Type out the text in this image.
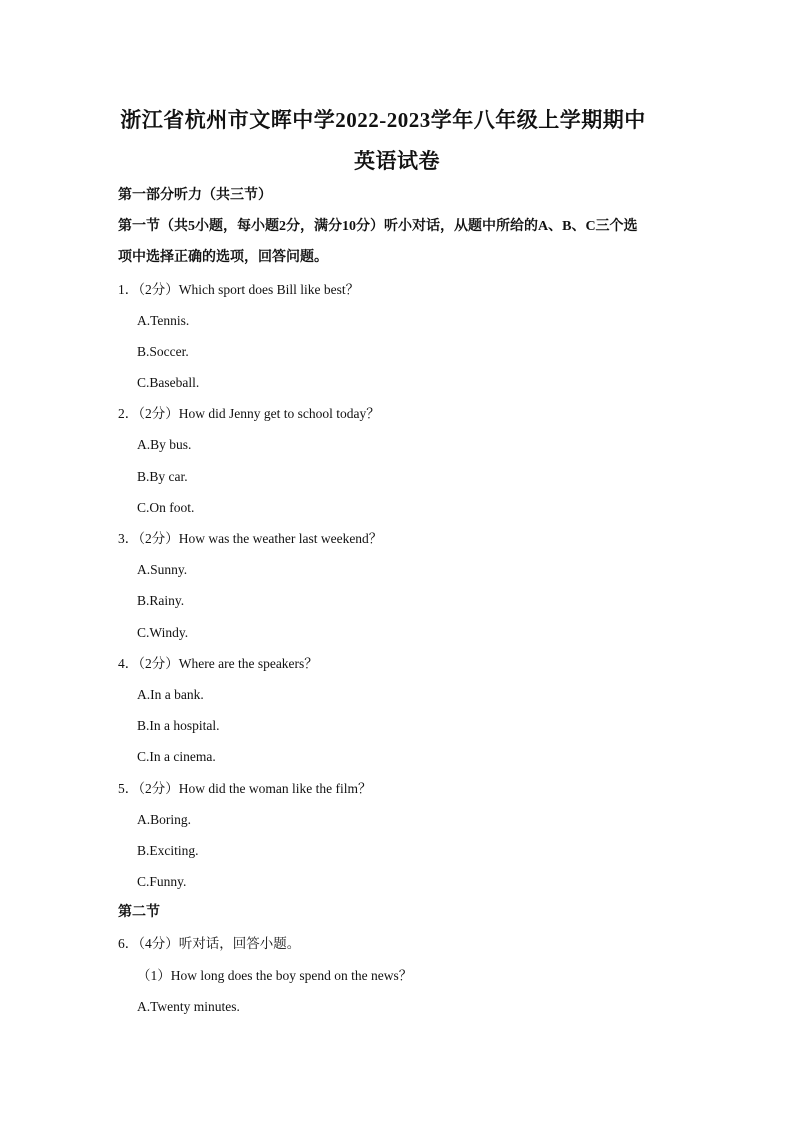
浙江省杭州市文晖中学2022-2023学年八年级上学期期中
英语试卷
第一部分听力（共三节）
第一节（共5小题，每小题2分，满分10分）听小对话，从题中所给的A、B、C三个选
项中选择正确的选项，回答问题。
1．（2分）Which sport does Bill like best？
A.Tennis.
B.Soccer.
C.Baseball.
2．（2分）How did Jenny get to school today？
A.By bus.
B.By car.
C.On foot.
3．（2分）How was the weather last weekend？
A.Sunny.
B.Rainy.
C.Windy.
4．（2分）Where are the speakers？
A.In a bank.
B.In a hospital.
C.In a cinema.
5．（2分）How did the woman like the film？
A.Boring.
B.Exciting.
C.Funny.
第二节
6．（4分）听对话，回答小题。
（1）How long does the boy spend on the news？
A.Twenty minutes.
